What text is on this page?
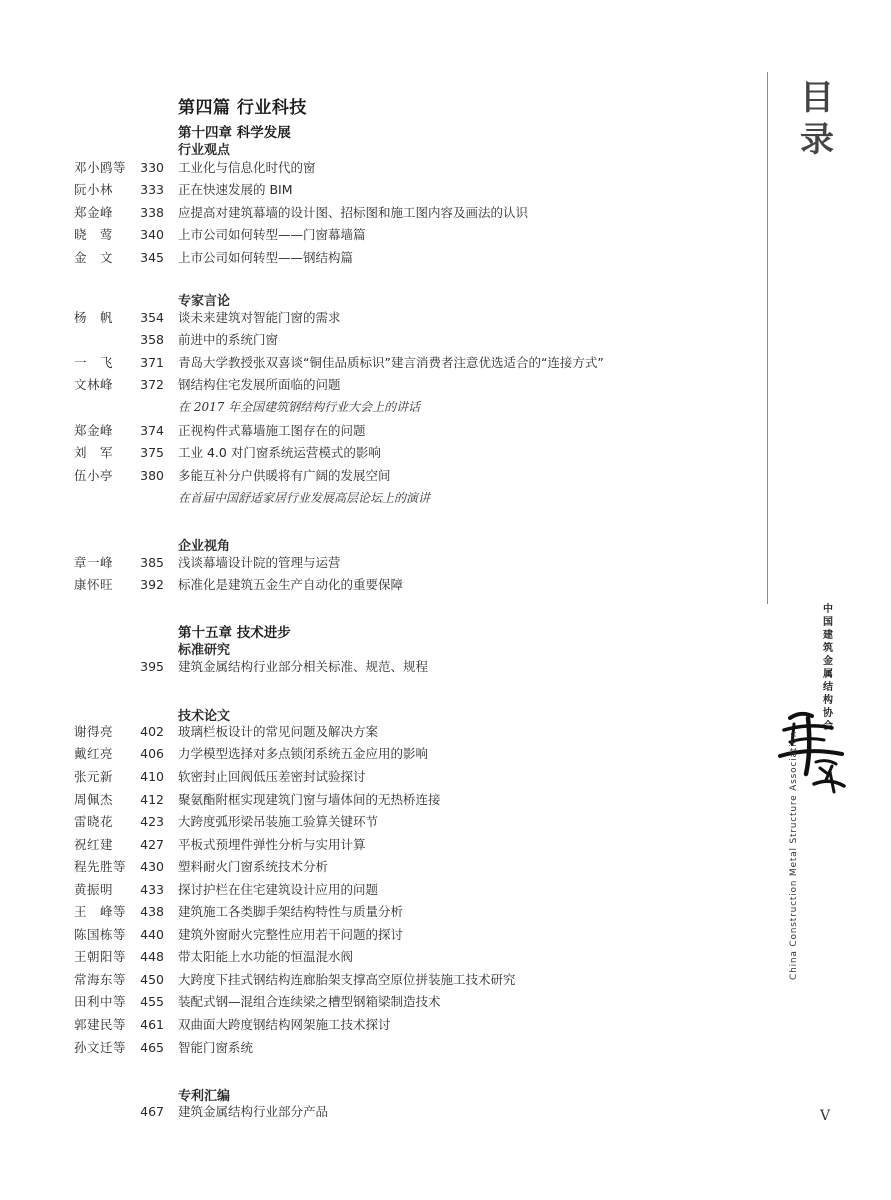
第四篇 行业科技
第十四章 科学发展
行业观点
邓小鸥等	330 工业化与信息化时代的窗
阮小林	333 正在快速发展的 BIM
郑金峰	338 应提高对建筑幕墙的设计图、招标图和施工图内容及画法的认识
晓　莺	340 上市公司如何转型——门窗幕墙篇
金　文	345 上市公司如何转型——钢结构篇
专家言论
杨　帆	354 谈未来建筑对智能门窗的需求
358 前进中的系统门窗
一　飞	371 青岛大学教授张双喜谈“铜佳品质标识”建言消费者注意优选适合的“连接方式”
文林峰	372 钢结构住宅发展所面临的问题
在 2017 年全国建筑钢结构行业大会上的讲话
郑金峰	374 正视构件式幕墙施工图存在的问题
刘　军	375 工业 4.0 对门窗系统运营模式的影响
伍小亭	380 多能互补分户供暖将有广阔的发展空间
在首届中国舒适家居行业发展高层论坛上的演讲
企业视角
章一峰	385 浅谈幕墙设计院的管理与运营
康怀旺	392 标准化是建筑五金生产自动化的重要保障
第十五章 技术进步
标准研究
395 建筑金属结构行业部分相关标准、规范、规程
技术论文
谢得亮	402 玻璃栏板设计的常见问题及解决方案
戴红亮	406 力学模型选择对多点锁闭系统五金应用的影响
张元新	410 软密封止回阀低压差密封试验探讨
周佩杰	412 聚氨酯附框实现建筑门窗与墙体间的无热桥连接
雷晓花	423 大跨度弧形梁吊装施工验算关键环节
祝红建	427 平板式预埋件弹性分析与实用计算
程先胜等	430 塑料耐火门窗系统技术分析
黄振明	433 探讨护栏在住宅建筑设计应用的问题
王　峰等	438 建筑施工各类脚手架结构特性与质量分析
陈国栋等	440 建筑外窗耐火完整性应用若干问题的探讨
王朝阳等	448 带太阳能上水功能的恒温混水阀
常海东等	450 大跨度下挂式钢结构连廊胎架支撑高空原位拼装施工技术研究
田利中等	455 装配式钢—混组合连续梁之槽型钢箱梁制造技术
郭建民等	461 双曲面大跨度钢结构网架施工技术探讨
孙文迁等	465 智能门窗系统
专利汇编
467 建筑金属结构行业部分产品
目
录
中国建筑金属结构协会
年鉴
China Construction Metal Structure Association
V
